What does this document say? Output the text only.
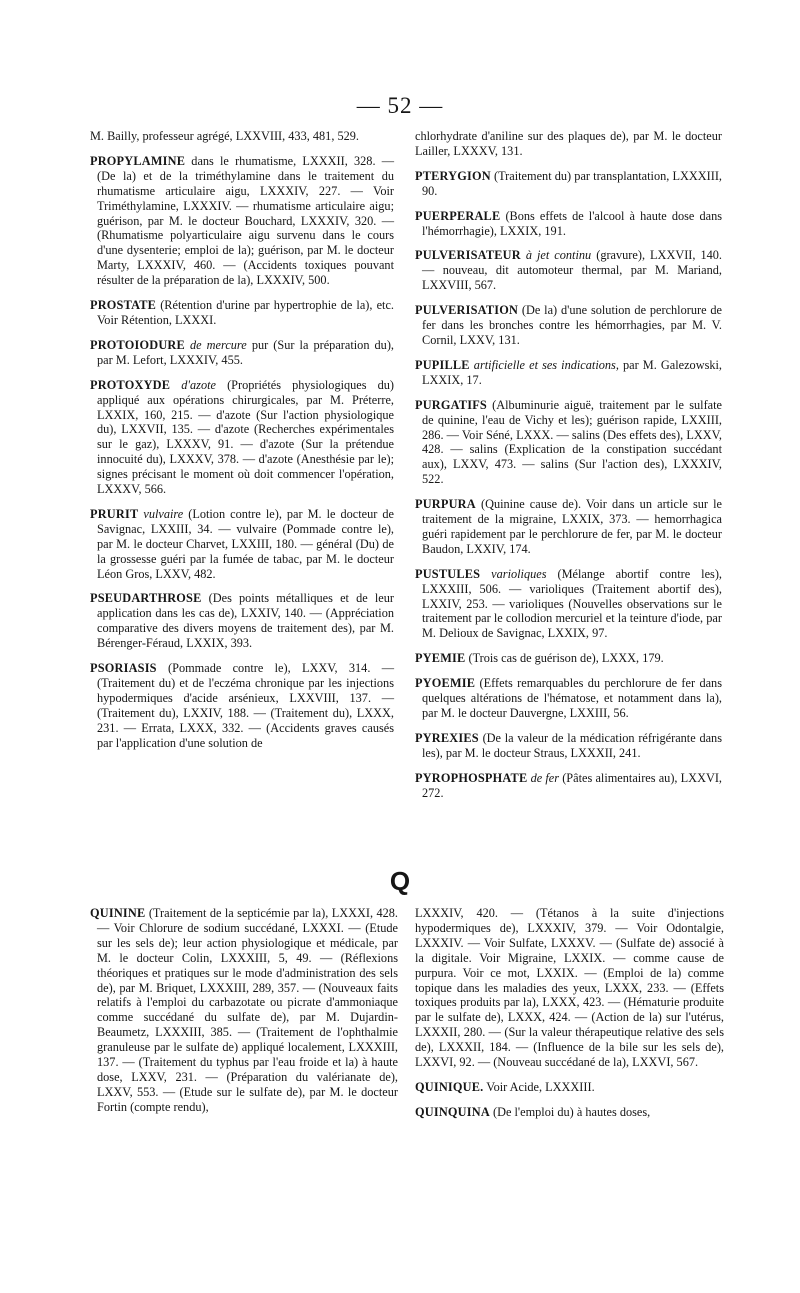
— 52 —

M. Bailly, professeur agrégé, LXXVIII, 433, 481, 529.

PROPYLAMINE dans le rhumatisme, LXXXII, 328. — (De la) et de la triméthylamine dans le traitement du rhumatisme articulaire aigu, LXXXIV, 227. — Voir Triméthylamine, LXXXIV. — rhumatisme articulaire aigu; guérison, par M. le docteur Bouchard, LXXXIV, 320. — (Rhumatisme polyarticulaire aigu survenu dans le cours d'une dysenterie; emploi de la); guérison, par M. le docteur Marty, LXXXIV, 460. — (Accidents toxiques pouvant résulter de la préparation de la), LXXXIV, 500.

PROSTATE (Rétention d'urine par hypertrophie de la), etc. Voir Rétention, LXXXI.

PROTOIODURE de mercure pur (Sur la préparation du), par M. Lefort, LXXXIV, 455.

PROTOXYDE d'azote (Propriétés physiologiques du) appliqué aux opérations chirurgicales, par M. Préterre, LXXIX, 160, 215. — d'azote (Sur l'action physiologique du), LXXVII, 135. — d'azote (Recherches expérimentales sur le gaz), LXXXV, 91. — d'azote (Sur la prétendue innocuité du), LXXXV, 378. — d'azote (Anesthésie par le); signes précisant le moment où doit commencer l'opération, LXXXV, 566.

PRURIT vulvaire (Lotion contre le), par M. le docteur de Savignac, LXXIII, 34. — vulvaire (Pommade contre le), par M. le docteur Charvet, LXXIII, 180. — général (Du) de la grossesse guéri par la fumée de tabac, par M. le docteur Léon Gros, LXXV, 482.

PSEUDARTHROSE (Des points métalliques et de leur application dans les cas de), LXXIV, 140. — (Appréciation comparative des divers moyens de traitement des), par M. Bérenger-Féraud, LXXIX, 393.

PSORIASIS (Pommade contre le), LXXV, 314. — (Traitement du) et de l'eczéma chronique par les injections hypodermiques d'acide arsénieux, LXXVIII, 137. — (Traitement du), LXXIV, 188. — (Traitement du), LXXX, 231. — Errata, LXXX, 332. — (Accidents graves causés par l'application d'une solution de

chlorhydrate d'aniline sur des plaques de), par M. le docteur Lailler, LXXXV, 131.

PTERYGION (Traitement du) par transplantation, LXXXIII, 90.

PUERPERALE (Bons effets de l'alcool à haute dose dans l'hémorrhagie), LXXIX, 191.

PULVERISATEUR à jet continu (gravure), LXXVII, 140. — nouveau, dit automoteur thermal, par M. Mariand, LXXVIII, 567.

PULVERISATION (De la) d'une solution de perchlorure de fer dans les bronches contre les hémorrhagies, par M. V. Cornil, LXXV, 131.

PUPILLE artificielle et ses indications, par M. Galezowski, LXXIX, 17.

PURGATIFS (Albuminurie aiguë, traitement par le sulfate de quinine, l'eau de Vichy et les); guérison rapide, LXXIII, 286. — Voir Séné, LXXX. — salins (Des effets des), LXXV, 428. — salins (Explication de la constipation succédant aux), LXXV, 473. — salins (Sur l'action des), LXXXIV, 522.

PURPURA (Quinine cause de). Voir dans un article sur le traitement de la migraine, LXXIX, 373. — hemorrhagica guéri rapidement par le perchlorure de fer, par M. le docteur Baudon, LXXIV, 174.

PUSTULES varioliques (Mélange abortif contre les), LXXXIII, 506. — varioliques (Traitement abortif des), LXXIV, 253. — varioliques (Nouvelles observations sur le traitement par le collodion mercuriel et la teinture d'iode, par M. Delioux de Savignac, LXXIX, 97.

PYEMIE (Trois cas de guérison de), LXXX, 179.

PYOEMIE (Effets remarquables du perchlorure de fer dans quelques altérations de l'hématose, et notamment dans la), par M. le docteur Dauvergne, LXXIII, 56.

PYREXIES (De la valeur de la médication réfrigérante dans les), par M. le docteur Straus, LXXXII, 241.

PYROPHOSPHATE de fer (Pâtes alimentaires au), LXXVI, 272.

Q

QUININE (Traitement de la septicémie par la), LXXXI, 428. — Voir Chlorure de sodium succédané, LXXXI. — (Etude sur les sels de); leur action physiologique et médicale, par M. le docteur Colin, LXXXIII, 5, 49. — (Réflexions théoriques et pratiques sur le mode d'administration des sels de), par M. Briquet, LXXXIII, 289, 357. — (Nouveaux faits relatifs à l'emploi du carbazotate ou picrate d'ammoniaque comme succédané du sulfate de), par M. Dujardin-Beaumetz, LXXXIII, 385. — (Traitement de l'ophthalmie granuleuse par le sulfate de) appliqué localement, LXXXIII, 137. — (Traitement du typhus par l'eau froide et la) à haute dose, LXXV, 231. — (Préparation du valérianate de), LXXV, 553. — (Etude sur le sulfate de), par M. le docteur Fortin (compte rendu),

LXXXIV, 420. — (Tétanos à la suite d'injections hypodermiques de), LXXXIV, 379. — Voir Odontalgie, LXXXIV. — Voir Sulfate, LXXXV. — (Sulfate de) associé à la digitale. Voir Migraine, LXXIX. — comme cause de purpura. Voir ce mot, LXXIX. — (Emploi de la) comme topique dans les maladies des yeux, LXXX, 233. — (Effets toxiques produits par la), LXXX, 423. — (Hématurie produite par le sulfate de), LXXX, 424. — (Action de la) sur l'utérus, LXXXII, 280. — (Sur la valeur thérapeutique relative des sels de), LXXXII, 184. — (Influence de la bile sur les sels de), LXXVI, 92. — (Nouveau succédané de la), LXXVI, 567.

QUINIQUE. Voir Acide, LXXXIII.

QUINQUINA (De l'emploi du) à hautes doses,
